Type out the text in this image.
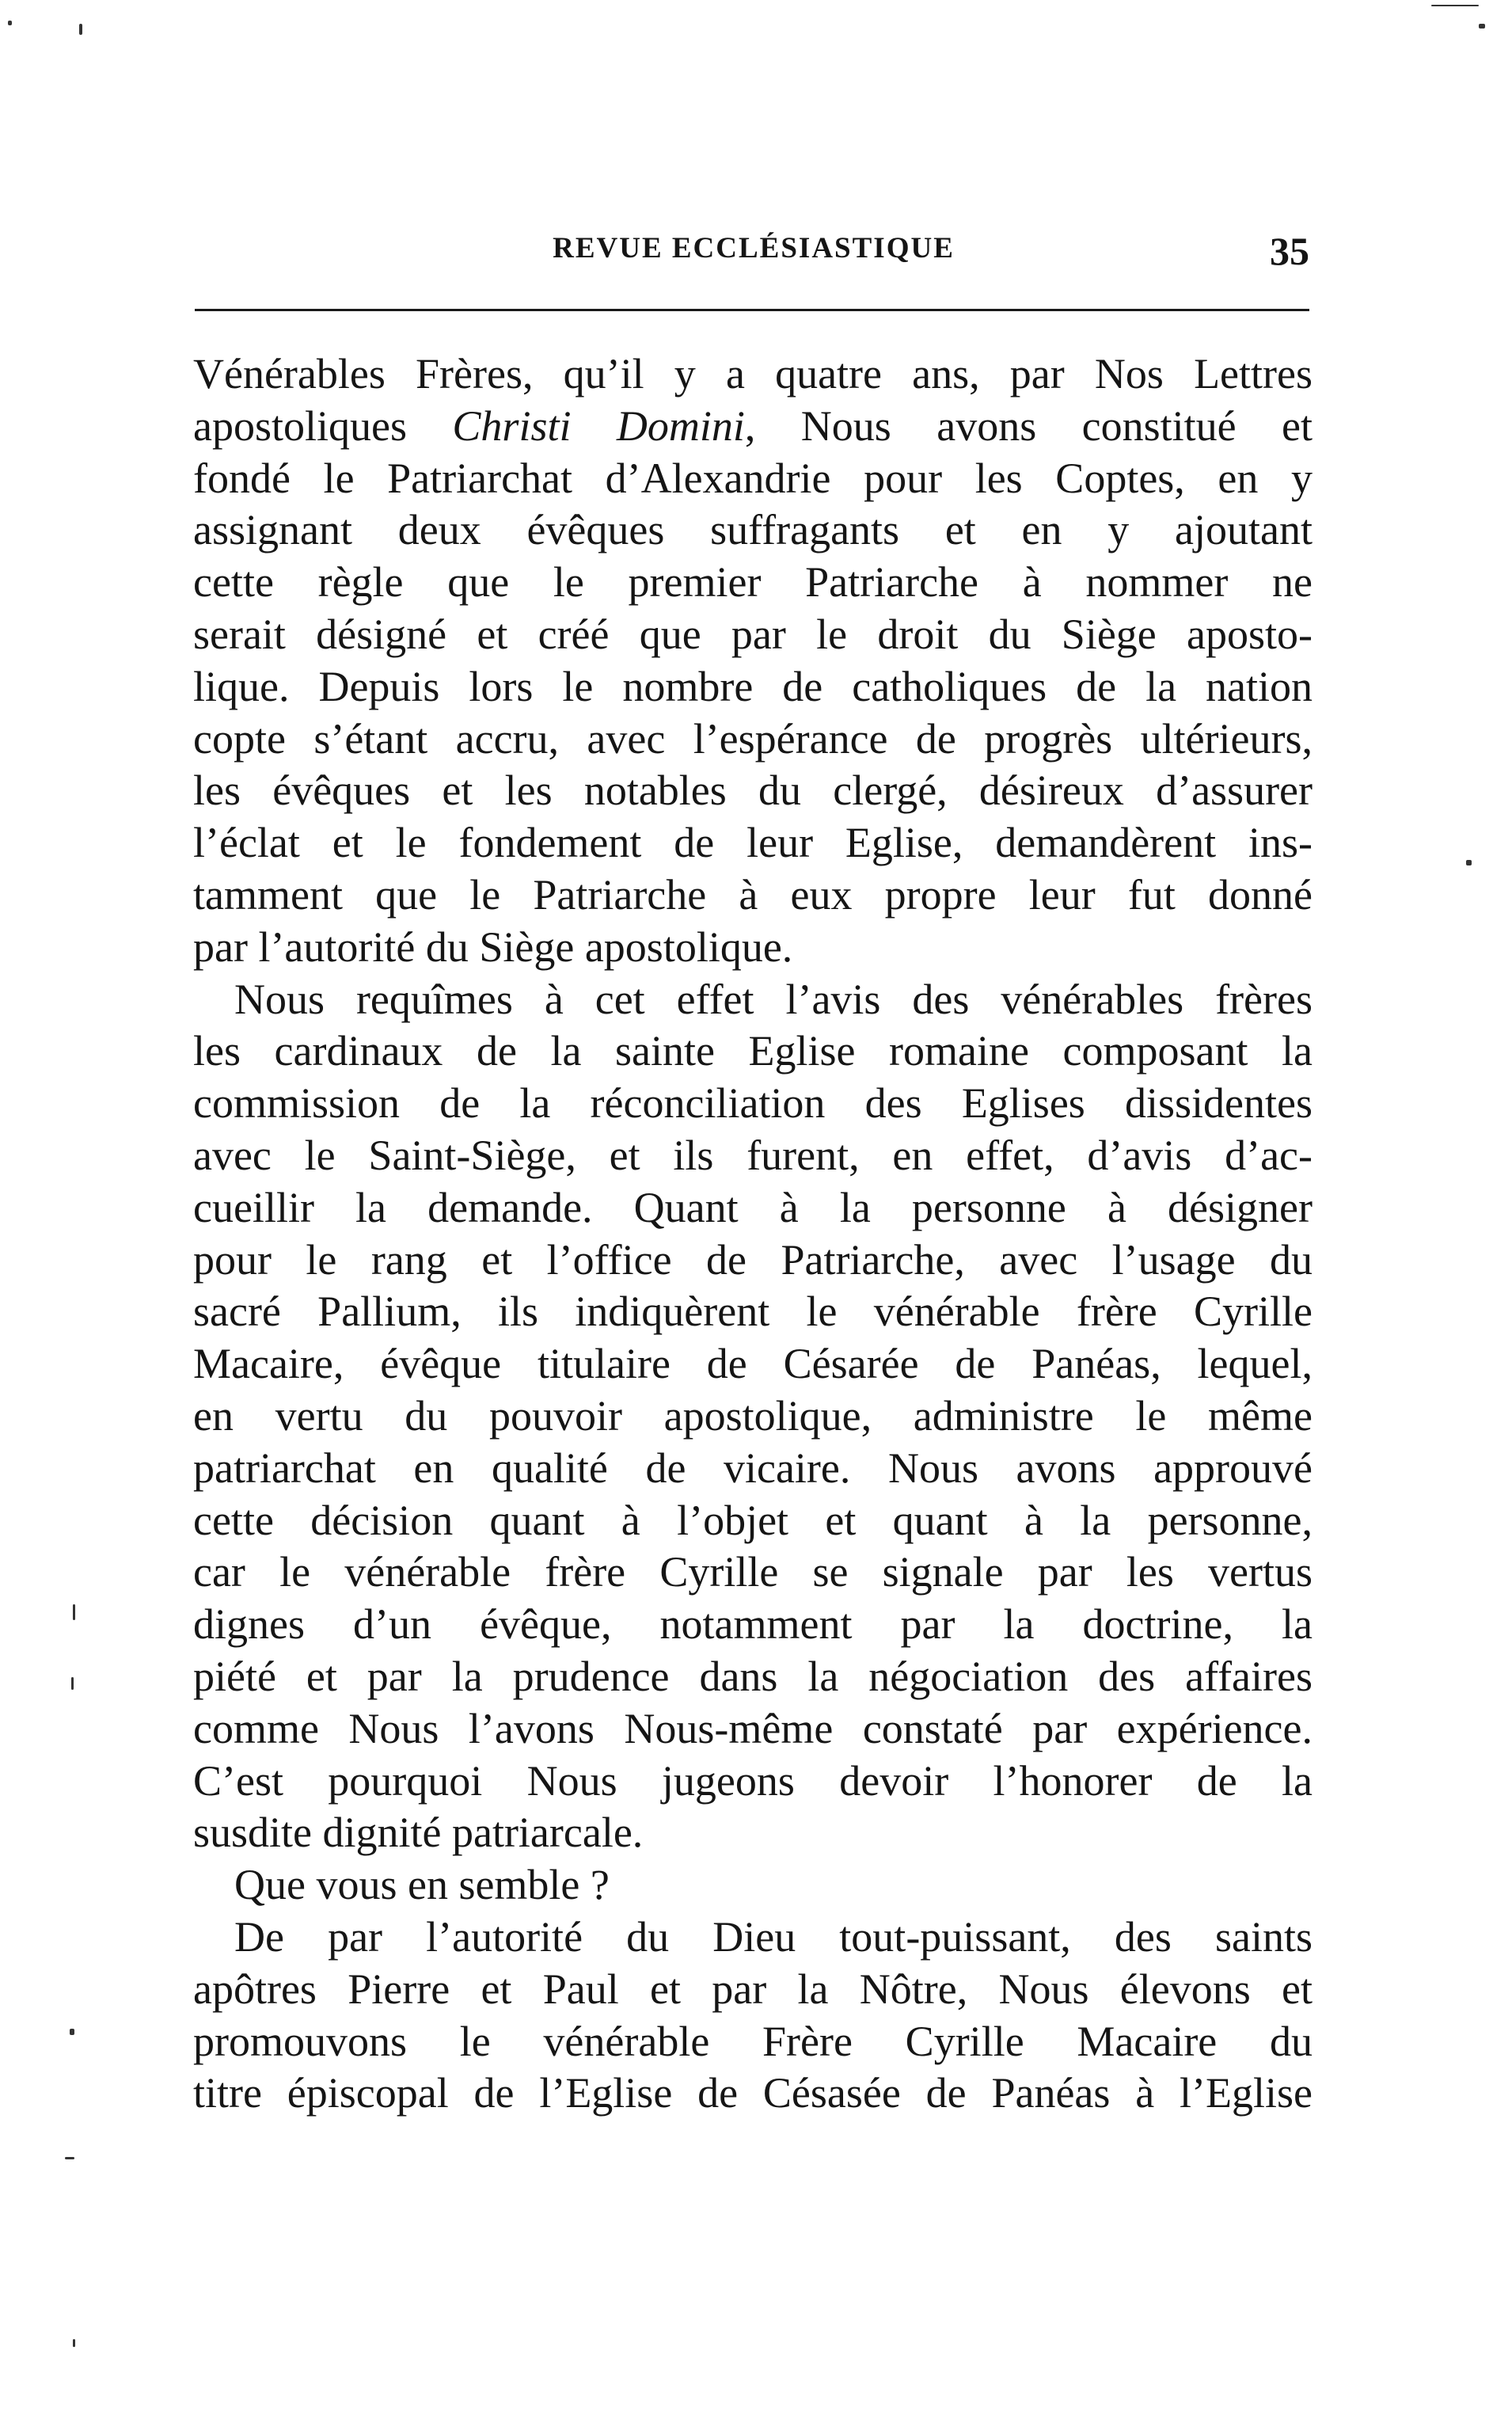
REVUE ECCLÉSIASTIQUE	35
Vénérables Frères, qu’il y a quatre ans, par Nos Lettres
apostoliques Christi Domini, Nous avons constitué et
fondé le Patriarchat d’Alexandrie pour les Coptes, en y
assignant deux évêques suffragants et en y ajoutant
cette règle que le premier Patriarche à nommer ne
serait désigné et créé que par le droit du Siège aposto-
lique. Depuis lors le nombre de catholiques de la nation
copte s’étant accru, avec l’espérance de progrès ultérieurs,
les évêques et les notables du clergé, désireux d’assurer
l’éclat et le fondement de leur Eglise, demandèrent ins-
tamment que le Patriarche à eux propre leur fut donné
par l’autorité du Siège apostolique.
Nous requîmes à cet effet l’avis des vénérables frères
les cardinaux de la sainte Eglise romaine composant la
commission de la réconciliation des Eglises dissidentes
avec le Saint-Siège, et ils furent, en effet, d’avis d’ac-
cueillir la demande. Quant à la personne à désigner
pour le rang et l’office de Patriarche, avec l’usage du
sacré Pallium, ils indiquèrent le vénérable frère Cyrille
Macaire, évêque titulaire de Césarée de Panéas, lequel,
en vertu du pouvoir apostolique, administre le même
patriarchat en qualité de vicaire. Nous avons approuvé
cette décision quant à l’objet et quant à la personne,
car le vénérable frère Cyrille se signale par les vertus
dignes d’un évêque, notamment par la doctrine, la
piété et par la prudence dans la négociation des affaires
comme Nous l’avons Nous-même constaté par expérience.
C’est pourquoi Nous jugeons devoir l’honorer de la
susdite dignité patriarcale.
Que vous en semble ?
De par l’autorité du Dieu tout-puissant, des saints
apôtres Pierre et Paul et par la Nôtre, Nous élevons et
promouvons le vénérable Frère Cyrille Macaire du
titre épiscopal de l’Eglise de Césasée de Panéas à l’Eglise
